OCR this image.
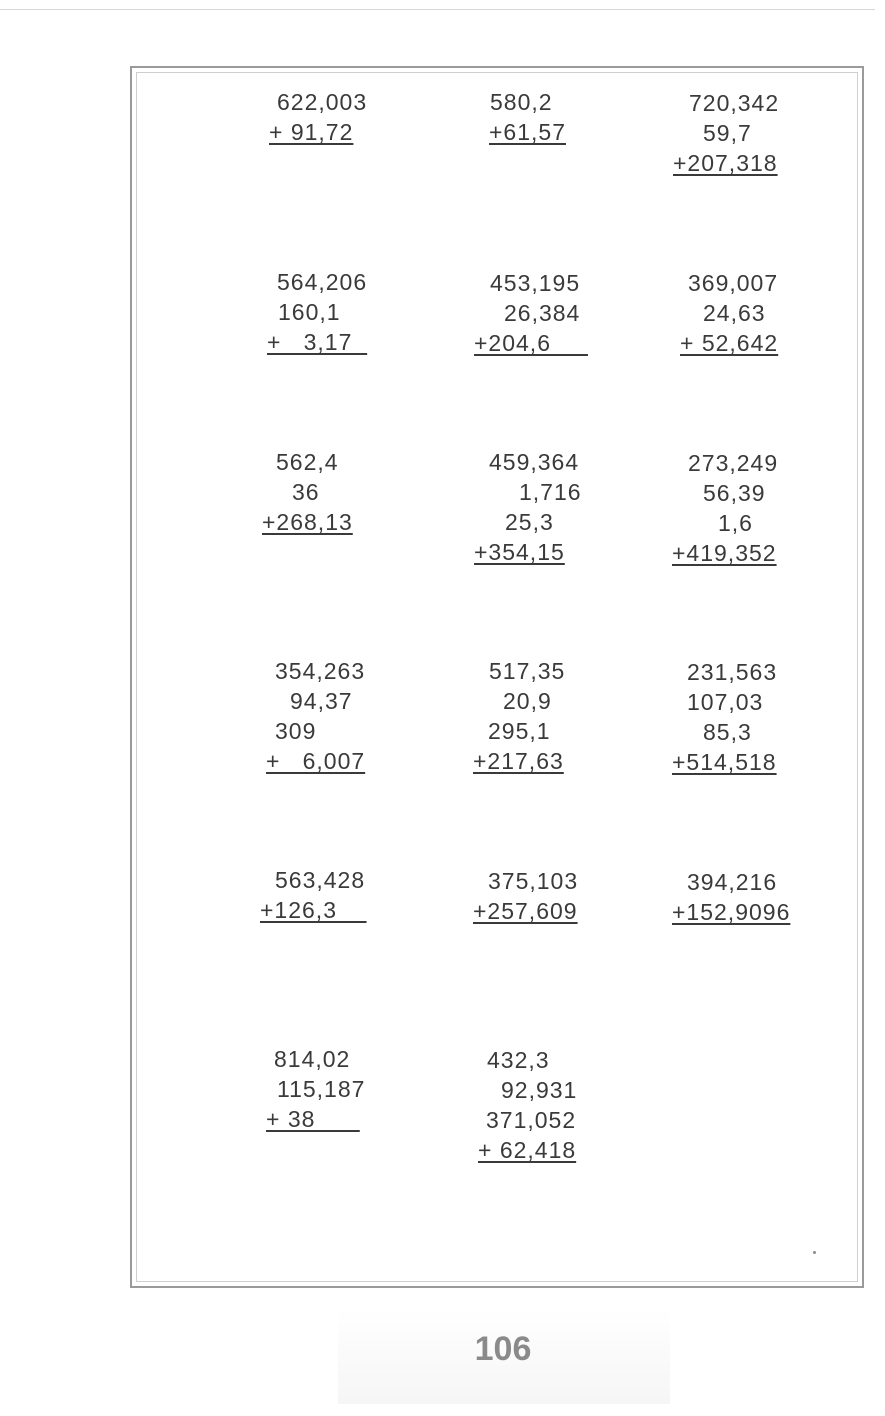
622,003
+ 91,72
580,2
+61,57
720,342
59,7
+207,318
564,206
160,1
+   3,17
453,195
26,384
+204,6
369,007
24,63
+ 52,642
562,4
36
+268,13
459,364
1,716
25,3
+354,15
273,249
56,39
1,6
+419,352
354,263
94,37
309
+   6,007
517,35
20,9
295,1
+217,63
231,563
107,03
85,3
+514,518
563,428
+126,3
375,103
+257,609
394,216
+152,9096
814,02
115,187
+ 38
432,3
92,931
371,052
+ 62,418
106
